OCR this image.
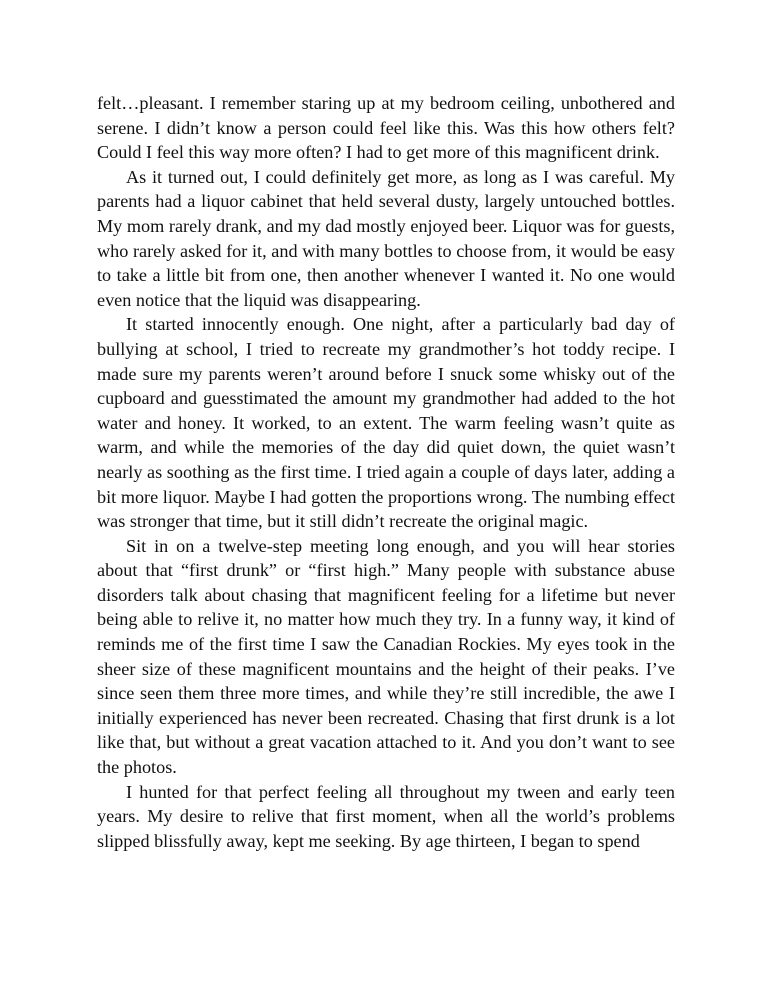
felt…pleasant. I remember staring up at my bedroom ceiling, unbothered and serene. I didn’t know a person could feel like this. Was this how others felt? Could I feel this way more often? I had to get more of this magnificent drink.

As it turned out, I could definitely get more, as long as I was careful. My parents had a liquor cabinet that held several dusty, largely untouched bottles. My mom rarely drank, and my dad mostly enjoyed beer. Liquor was for guests, who rarely asked for it, and with many bottles to choose from, it would be easy to take a little bit from one, then another whenever I wanted it. No one would even notice that the liquid was disappearing.

It started innocently enough. One night, after a particularly bad day of bullying at school, I tried to recreate my grandmother’s hot toddy recipe. I made sure my parents weren’t around before I snuck some whisky out of the cupboard and guesstimated the amount my grandmother had added to the hot water and honey. It worked, to an extent. The warm feeling wasn’t quite as warm, and while the memories of the day did quiet down, the quiet wasn’t nearly as soothing as the first time. I tried again a couple of days later, adding a bit more liquor. Maybe I had gotten the proportions wrong. The numbing effect was stronger that time, but it still didn’t recreate the original magic.

Sit in on a twelve-step meeting long enough, and you will hear stories about that “first drunk” or “first high.” Many people with substance abuse disorders talk about chasing that magnificent feeling for a lifetime but never being able to relive it, no matter how much they try. In a funny way, it kind of reminds me of the first time I saw the Canadian Rockies. My eyes took in the sheer size of these magnificent mountains and the height of their peaks. I’ve since seen them three more times, and while they’re still incredible, the awe I initially experienced has never been recreated. Chasing that first drunk is a lot like that, but without a great vacation attached to it. And you don’t want to see the photos.

I hunted for that perfect feeling all throughout my tween and early teen years. My desire to relive that first moment, when all the world’s problems slipped blissfully away, kept me seeking. By age thirteen, I began to spend
